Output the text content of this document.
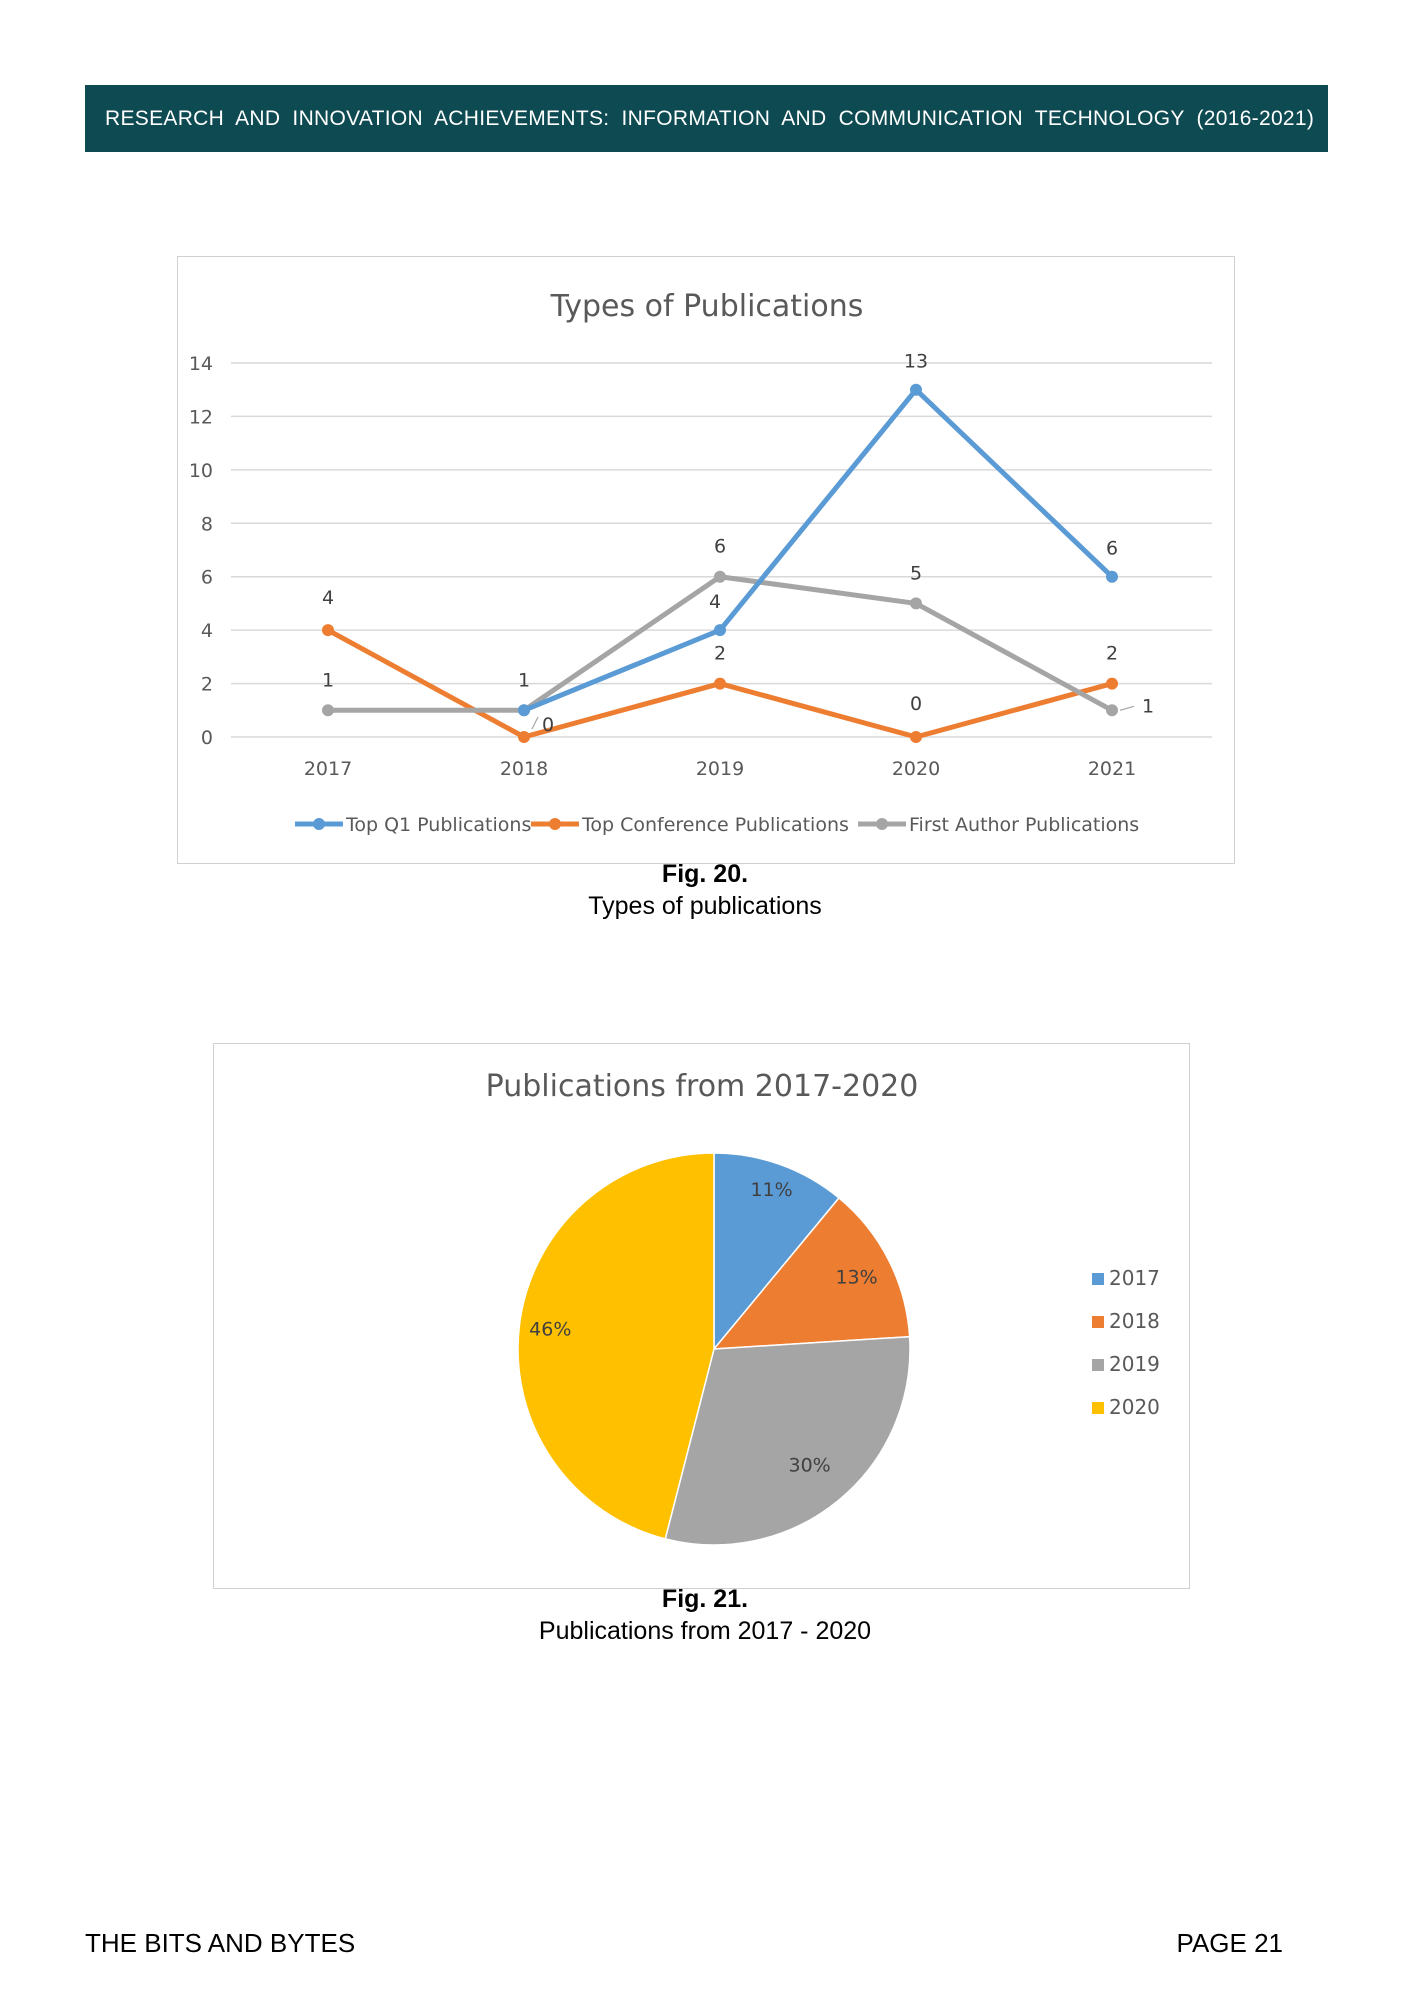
RESEARCH AND INNOVATION ACHIEVEMENTS: INFORMATION AND COMMUNICATION TECHNOLOGY (2016-2021)
Types of Publications
0
2
4
6
8
10
12
14
2017	2018	2019	2020	2021
4
13
6
4
0
2
0
2
1	1
6
5
1
Top Q1 Publications	Top Conference Publications	First Author Publications
Fig. 20.
Types of publications
Publications from 2017-2020
11%
13%
30%
46%
2017
2018
2019
2020
Fig. 21.
Publications from 2017 - 2020
THE BITS AND BYTES	PAGE 21
